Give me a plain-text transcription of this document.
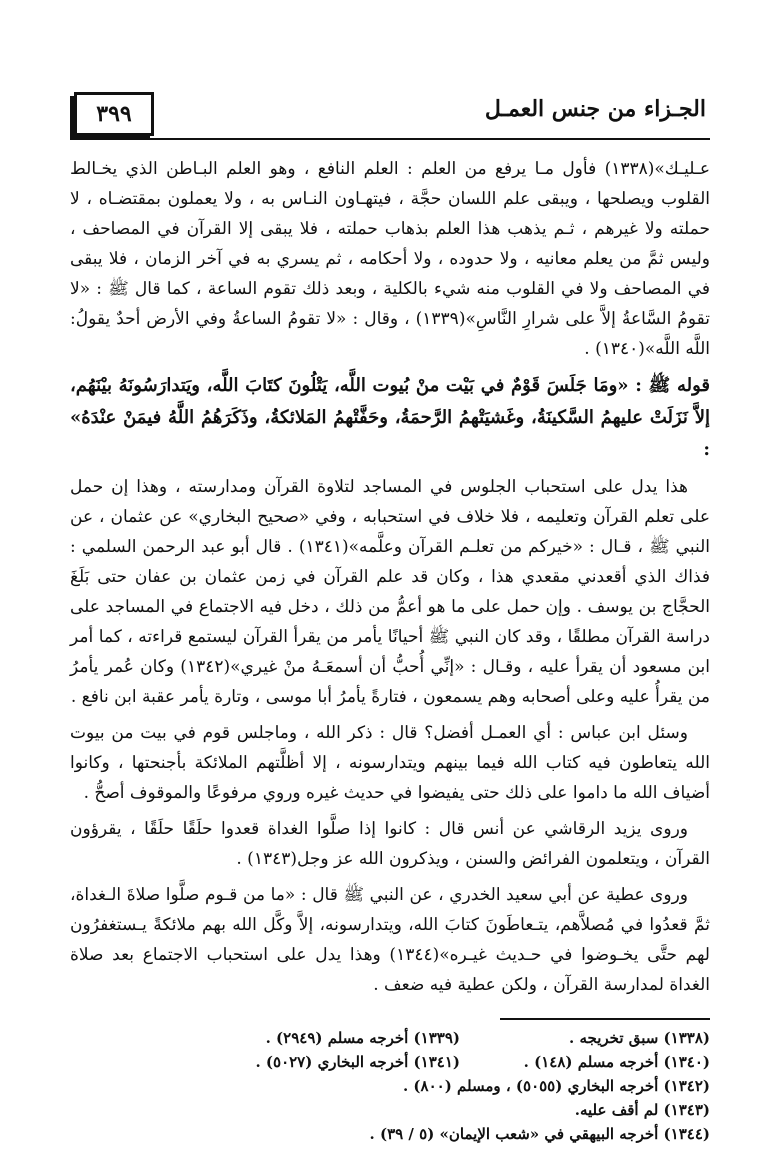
الجـزاء من جنس العمـل
٣٩٩

عـليـك»(١٣٣٨) فأول مـا يرفع من العلم : العلم النافع ، وهو العلم البـاطن الذي يخـالط القلوب ويصلحها ، ويبقى علم اللسان حجَّة ، فيتهـاون النـاس به ، ولا يعملون بمقتضـاه ، لا حملته ولا غيرهم ، ثـم يذهب هذا العلم بذهاب حملته ، فلا يبقى إلا القرآن في المصاحف ، وليس ثمَّ من يعلم معانيه ، ولا حدوده ، ولا أحكامه ، ثم يسري به في آخر الزمان ، فلا يبقى في المصاحف ولا في القلوب منه شيء بالكلية ، وبعد ذلك تقوم الساعة ، كما قال ﷺ : «لا تقومُ السَّاعةُ إلاَّ على شرارِ النَّاسِ»(١٣٣٩) ، وقال : «لا تقومُ الساعةُ وفي الأرض أحدٌ يقولُ: اللَّه اللَّه»(١٣٤٠) .

قوله ﷺ : «ومَا جَلَسَ قَوْمٌ في بَيْت منْ بُيوت اللَّه، يَتْلُونَ كتَابَ اللَّه، ويَتدارَسُونَهُ بيْنَهُم، إلاَّ نَزَلَتْ عليهمُ السَّكينَةُ، وغَشيَتْهمُ الرَّحمَةُ، وحَفَّتْهمُ المَلائكةُ، وذَكَرَهُمُ اللَّهُ فيمَنْ عنْدَهُ» :

هذا يدل على استحباب الجلوس في المساجد لتلاوة القرآن ومدارسته ، وهذا إن حمل على تعلم القرآن وتعليمه ، فلا خلاف في استحبابه ، وفي «صحيح البخاري» عن عثمان ، عن النبي ﷺ ، قـال : «خيركم من تعلـم القرآن وعلَّمه»(١٣٤١) . قال أبو عبد الرحمن السلمي : فذاك الذي أقعدني مقعدي هذا ، وكان قد علم القرآن في زمن عثمان بن عفان حتى بَلَغَ الحجَّاج بن يوسف . وإن حمل على ما هو أعمُّ من ذلك ، دخل فيه الاجتماع في المساجد على دراسة القرآن مطلقًا ، وقد كان النبي ﷺ أحيانًا يأمر من يقرأ القرآن ليستمع قراءته ، كما أمر ابن مسعود أن يقرأ عليه ، وقـال : «إنِّي أُحبُّ أن أسمعَـهُ منْ غيري»(١٣٤٢) وكان عُمر يأمرُ من يقرأُ عليه وعلى أصحابه وهم يسمعون ، فتارةً يأمرُ أبا موسى ، وتارة يأمر عقبة ابن نافع .

وسئل ابن عباس : أي العمـل أفضل؟ قال : ذكر الله ، وماجلس قوم في بيت من بيوت الله يتعاطون فيه كتاب الله فيما بينهم ويتدارسونه ، إلا أظلَّتهم الملائكة بأجنحتها ، وكانوا أضياف الله ما داموا على ذلك حتى يفيضوا في حديث غيره وروي مرفوعًا والموقوف أصحُّ .

وروى يزيد الرقاشي عن أنس قال : كانوا إذا صلَّوا الغداة قعدوا حلَقًا حلَقًا ، يقرؤون القرآن ، ويتعلمون الفرائض والسنن ، ويذكرون الله عز وجل(١٣٤٣) .

وروى عطية عن أبي سعيد الخدري ، عن النبي ﷺ قال : «ما من قـوم صلَّوا صلاةَ الـغداة، ثمَّ قعدُوا في مُصلاَّهم، يتـعاطَونَ كتابَ الله، ويتدارسونه، إلاَّ وكَّل الله بهم ملائكةً يـستغفرُون لهم حتَّى يخـوضوا في حـديث غيـره»(١٣٤٤) وهذا يدل على استحباب الاجتماع بعد صلاة الغداة لمدارسة القرآن ، ولكن عطية فيه ضعف .

(١٣٣٨) سبق تخريجه .
(١٣٣٩) أخرجه مسلم (٢٩٤٩) .
(١٣٤٠) أخرجه مسلم (١٤٨) .
(١٣٤١) أخرجه البخاري (٥٠٢٧) .
(١٣٤٢) أخرجه البخاري (٥٠٥٥) ، ومسلم (٨٠٠) .
(١٣٤٣) لم أقف عليه.
(١٣٤٤) أخرجه البيهقي في «شعب الإيمان» (٥ / ٣٩) .
